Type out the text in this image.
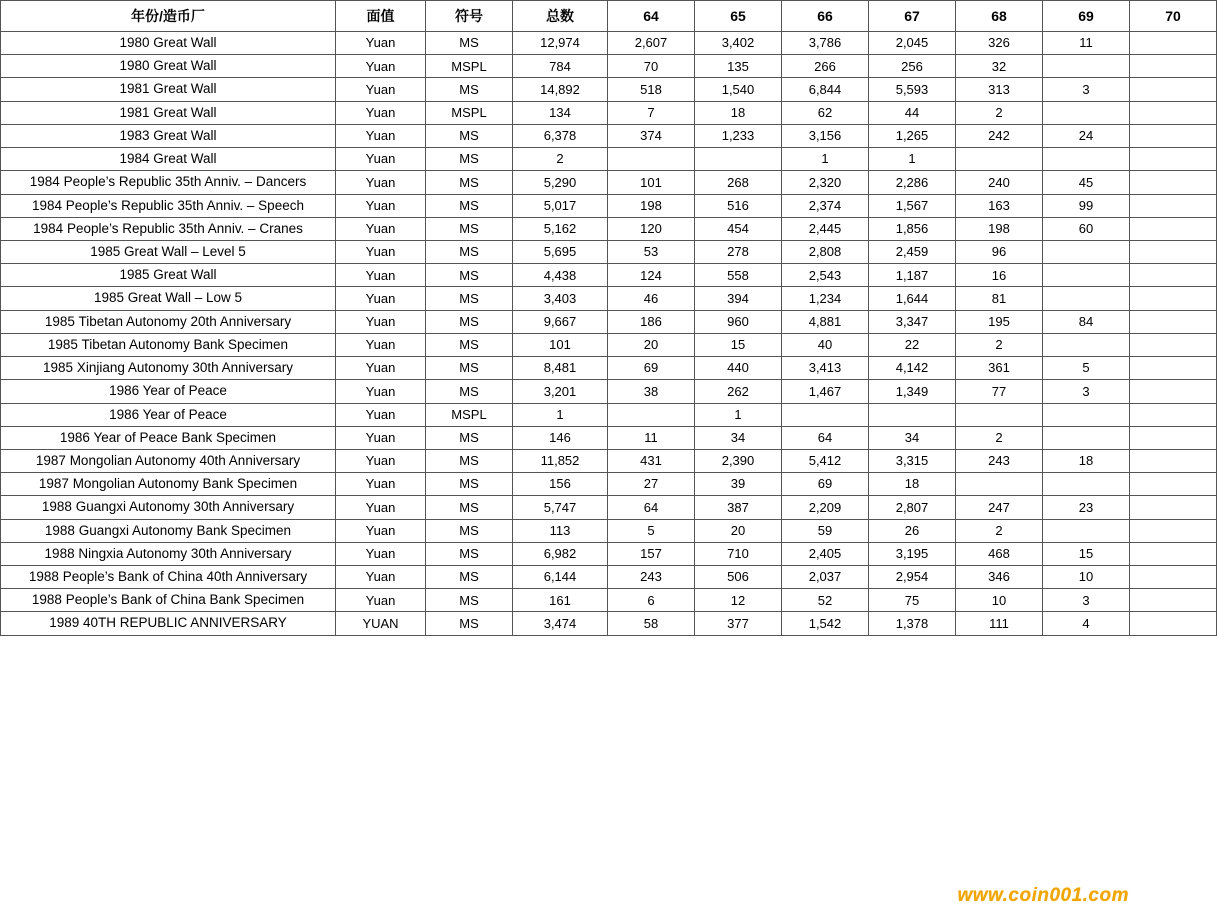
年份/造币厂	面值	符号	总数	64	65	66	67	68	69	70
1980 Great Wall	Yuan	MS	12,974	2,607	3,402	3,786	2,045	326	11	
1980 Great Wall	Yuan	MSPL	784	70	135	266	256	32		
1981 Great Wall	Yuan	MS	14,892	518	1,540	6,844	5,593	313	3	
1981 Great Wall	Yuan	MSPL	134	7	18	62	44	2		
1983 Great Wall	Yuan	MS	6,378	374	1,233	3,156	1,265	242	24	
1984 Great Wall	Yuan	MS	2			1	1			
1984 People’s Republic 35th Anniv. – Dancers	Yuan	MS	5,290	101	268	2,320	2,286	240	45	
1984 People’s Republic 35th Anniv. – Speech	Yuan	MS	5,017	198	516	2,374	1,567	163	99	
1984 People’s Republic 35th Anniv. – Cranes	Yuan	MS	5,162	120	454	2,445	1,856	198	60	
1985 Great Wall – Level 5	Yuan	MS	5,695	53	278	2,808	2,459	96		
1985 Great Wall	Yuan	MS	4,438	124	558	2,543	1,187	16		
1985 Great Wall – Low 5	Yuan	MS	3,403	46	394	1,234	1,644	81		
1985 Tibetan Autonomy 20th Anniversary	Yuan	MS	9,667	186	960	4,881	3,347	195	84	
1985 Tibetan Autonomy Bank Specimen	Yuan	MS	101	20	15	40	22	2		
1985 Xinjiang Autonomy 30th Anniversary	Yuan	MS	8,481	69	440	3,413	4,142	361	5	
1986 Year of Peace	Yuan	MS	3,201	38	262	1,467	1,349	77	3	
1986 Year of Peace	Yuan	MSPL	1		1					
1986 Year of Peace Bank Specimen	Yuan	MS	146	11	34	64	34	2		
1987 Mongolian Autonomy 40th Anniversary	Yuan	MS	11,852	431	2,390	5,412	3,315	243	18	
1987 Mongolian Autonomy Bank Specimen	Yuan	MS	156	27	39	69	18			
1988 Guangxi Autonomy 30th Anniversary	Yuan	MS	5,747	64	387	2,209	2,807	247	23	
1988 Guangxi Autonomy Bank Specimen	Yuan	MS	113	5	20	59	26	2		
1988 Ningxia Autonomy 30th Anniversary	Yuan	MS	6,982	157	710	2,405	3,195	468	15	
1988 People’s Bank of China 40th Anniversary	Yuan	MS	6,144	243	506	2,037	2,954	346	10	
1988 People’s Bank of China Bank Specimen	Yuan	MS	161	6	12	52	75	10	3	
1989 40TH REPUBLIC ANNIVERSARY	YUAN	MS	3,474	58	377	1,542	1,378	111	4	
www.coin001.com
